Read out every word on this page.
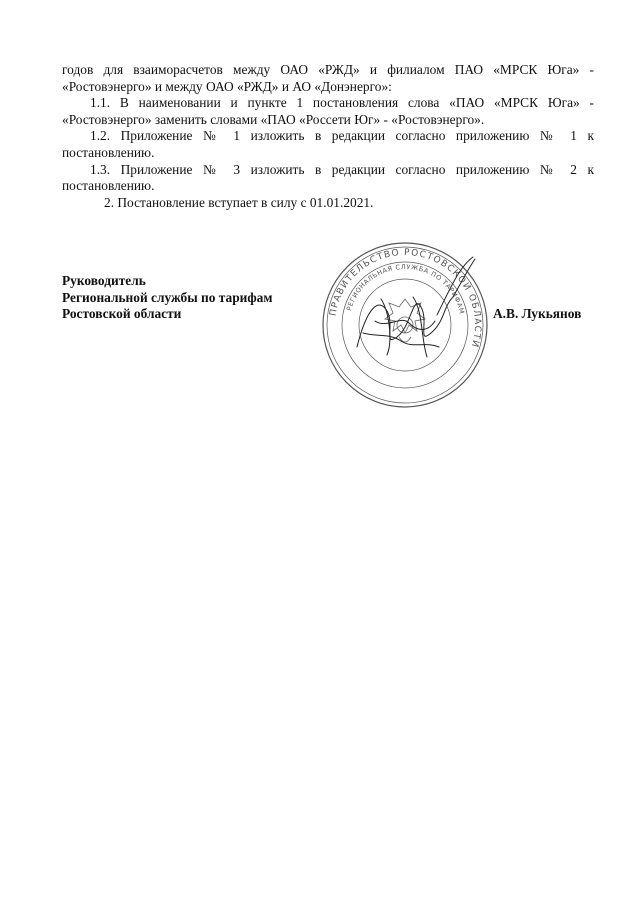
годов для взаиморасчетов между ОАО «РЖД» и филиалом ПАО «МРСК Юга» - «Ростовэнерго» и между ОАО «РЖД» и АО «Донэнерго»:

1.1. В наименовании и пункте 1 постановления слова «ПАО «МРСК Юга» - «Ростовэнерго» заменить словами «ПАО «Россети Юг» - «Ростовэнерго».

1.2. Приложение № 1 изложить в редакции согласно приложению № 1 к постановлению.

1.3. Приложение № 3 изложить в редакции согласно приложению № 2 к постановлению.

2. Постановление вступает в силу с 01.01.2021.

Руководитель
Региональной службы по тарифам
Ростовской области	А.В. Лукьянов
ПРАВИТЕЛЬСТВО РОСТОВСКОЙ ОБЛАСТИ
РЕГИОНАЛЬНАЯ СЛУЖБА ПО ТАРИФАМ
